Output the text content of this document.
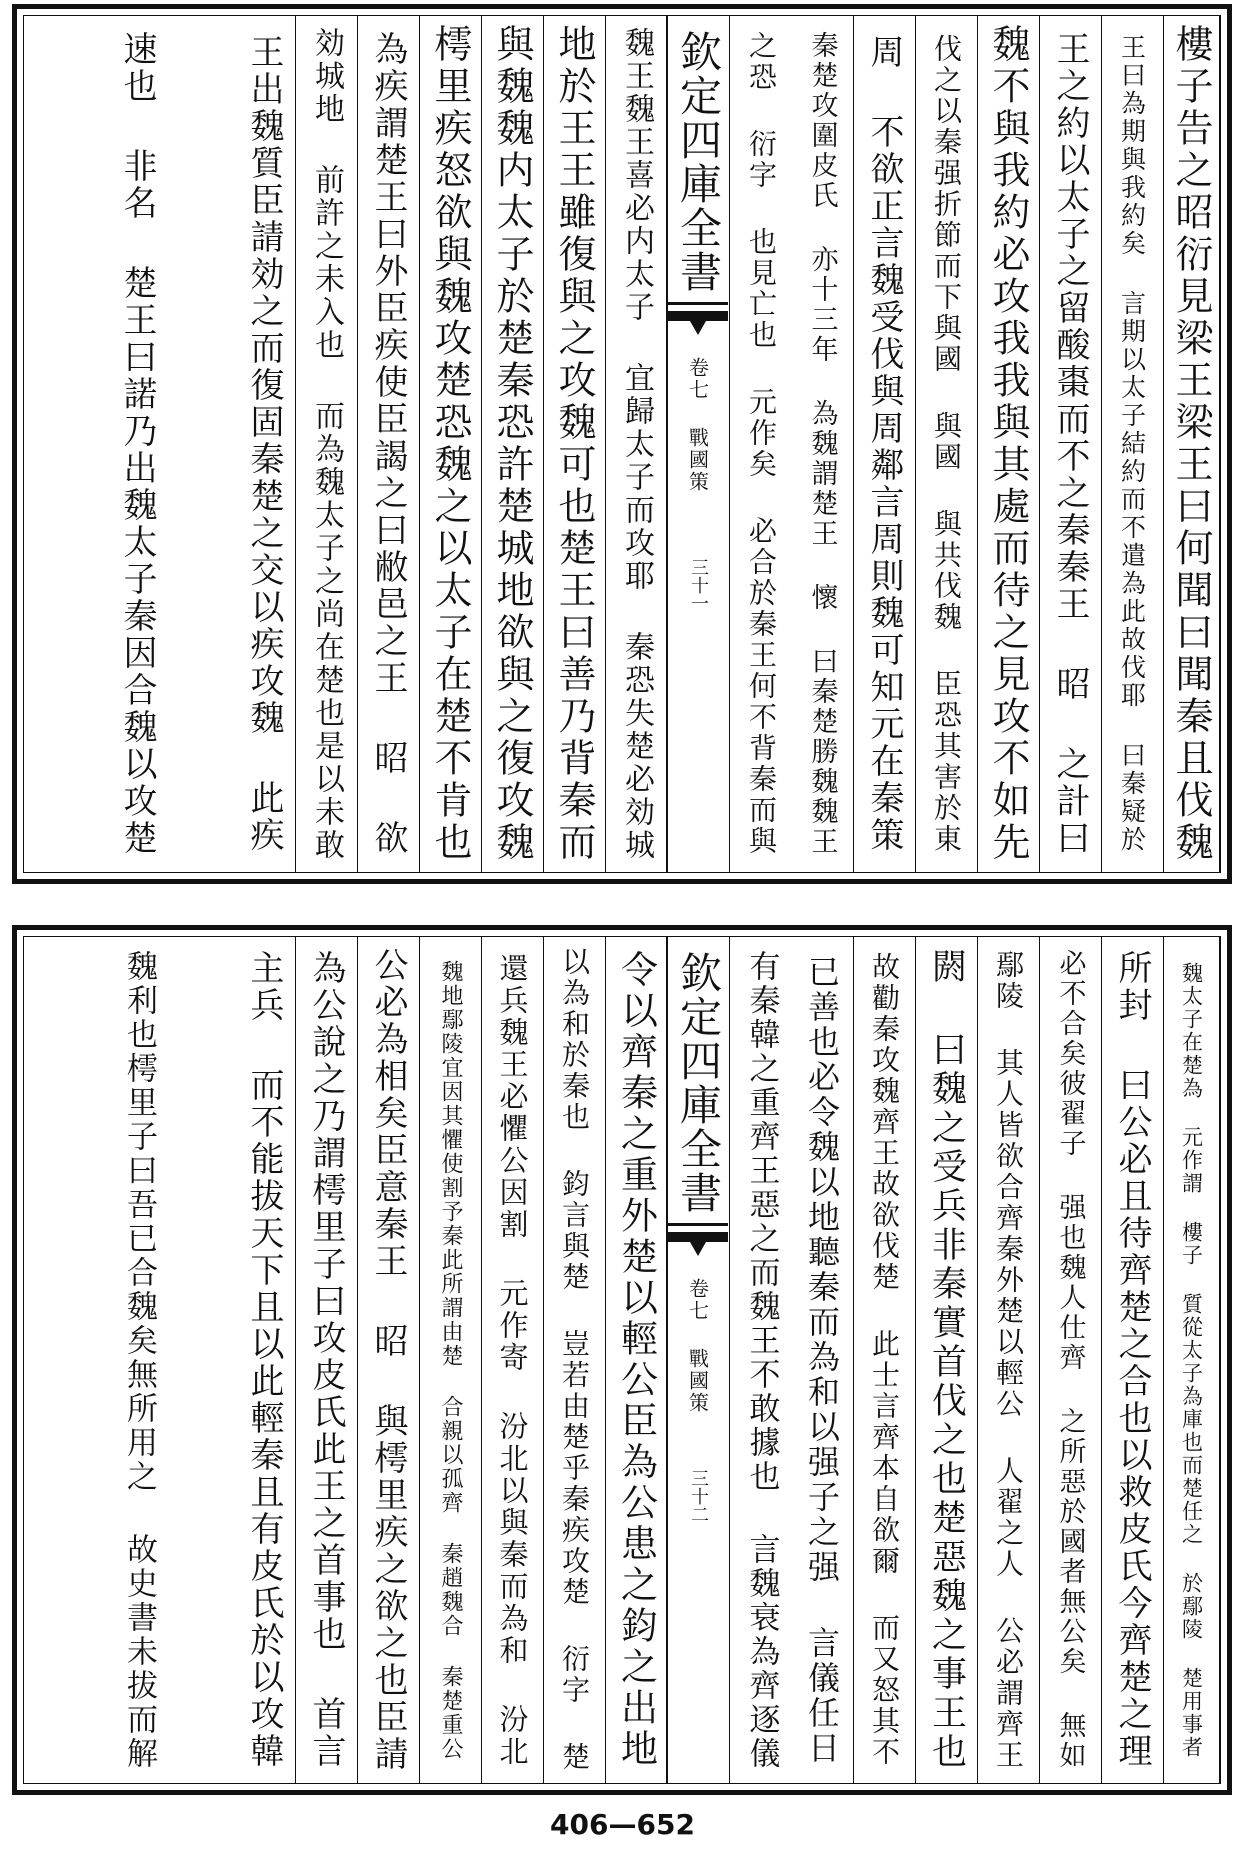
樓子告之昭衍見梁王梁王曰何聞曰聞秦且伐魏
王曰為期與我約矣 言期以太子結約而不遣為此故伐耶 曰秦疑於
王之約以太子之留酸棗而不之秦秦王 昭 之計曰
魏不與我約必攻我我與其處而待之見攻不如先
伐之以秦强折節而下與國 與國 與共伐魏 臣恐其害於東
周 不欲正言魏受伐與周鄰言周則魏可知元在秦策
秦楚攻圍皮氏 亦十三年 為魏謂楚王 懷 曰秦楚勝魏魏王
之恐 衍字 也見亡也 元作矣 必合於秦王何不背秦而與
欽定四庫全書
卷七 戰國策
三十一
魏王魏王喜必内太子 宜歸太子而攻耶 秦恐失楚必効城
地於王王雖復與之攻魏可也楚王曰善乃背秦而
與魏魏内太子於楚秦恐許楚城地欲與之復攻魏
樗里疾怒欲與魏攻楚恐魏之以太子在楚不肯也
為疾謂楚王曰外臣疾使臣謁之曰敝邑之王 昭 欲
効城地 前許之未入也 而為魏太子之尚在楚也是以未敢
王出魏質臣請効之而復固秦楚之交以疾攻魏 此疾
速也 非名 楚王曰諾乃出魏太子秦因合魏以攻楚
魏太子在楚為 元作謂 樓子 質從太子為庫也而楚任之 於鄢陵 楚用事者
所封 曰公必且待齊楚之合也以救皮氏今齊楚之理
必不合矣彼翟子 强也魏人仕齊 之所惡於國者無公矣 無如
鄢陵 其人皆欲合齊秦外楚以輕公 人翟之人 公必謂齊王
閼 曰魏之受兵非秦實首伐之也楚惡魏之事王也
故勸秦攻魏齊王故欲伐楚 此士言齊本自欲爾 而又怒其不
已善也必令魏以地聽秦而為和以强子之强 言儀任日
有秦韓之重齊王惡之而魏王不敢據也 言魏衰為齊逐儀
欽定四庫全書
卷七 戰國策
三十二
令以齊秦之重外楚以輕公臣為公患之鈞之出地
以為和於秦也 鈞言與楚 豈若由楚乎秦疾攻楚 衍字 楚
還兵魏王必懼公因割 元作寄 汾北以與秦而為和 汾北
魏地鄢陵宜因其懼使割予秦此所謂由楚 合親以孤齊 秦趙魏合 秦楚重公
公必為相矣臣意秦王 昭 與樗里疾之欲之也臣請
為公說之乃謂樗里子曰攻皮氏此王之首事也 首言
主兵 而不能拔天下且以此輕秦且有皮氏於以攻韓
魏利也樗里子曰吾已合魏矣無所用之 故史書未拔而解
406—652
